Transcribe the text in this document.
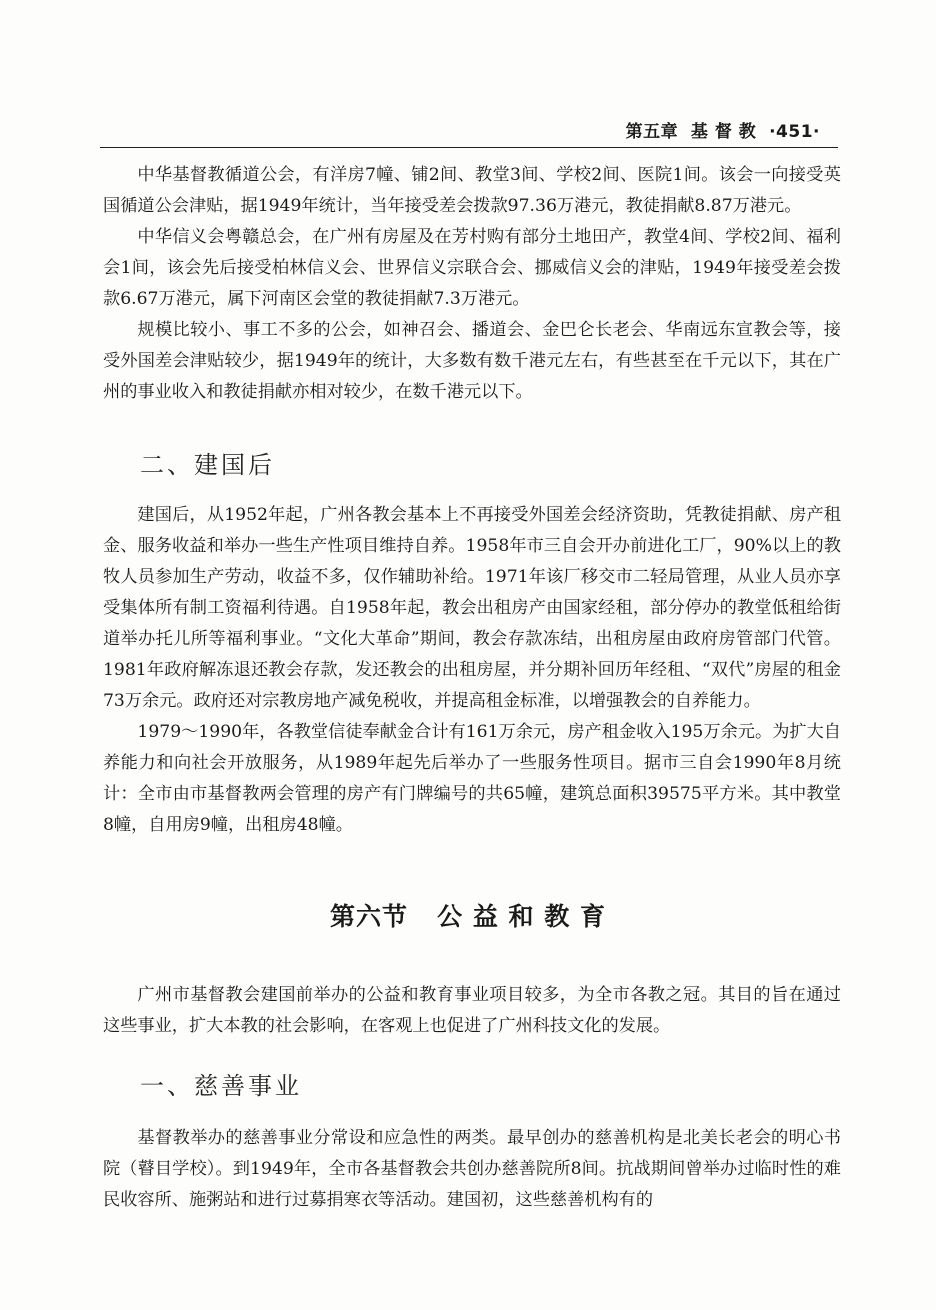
第五章  基 督 教  ·451·

中华基督教循道公会，有洋房7幢、铺2间、教堂3间、学校2间、医院1间。该会一向接受英国循道公会津贴，据1949年统计，当年接受差会拨款97.36万港元，教徒捐献8.87万港元。

中华信义会粤赣总会，在广州有房屋及在芳村购有部分土地田产，教堂4间、学校2间、福利会1间，该会先后接受柏林信义会、世界信义宗联合会、挪威信义会的津贴，1949年接受差会拨款6.67万港元，属下河南区会堂的教徒捐献7.3万港元。

规模比较小、事工不多的公会，如神召会、播道会、金巴仑长老会、华南远东宣教会等，接受外国差会津贴较少，据1949年的统计，大多数有数千港元左右，有些甚至在千元以下，其在广州的事业收入和教徒捐献亦相对较少，在数千港元以下。

二、建国后

建国后，从1952年起，广州各教会基本上不再接受外国差会经济资助，凭教徒捐献、房产租金、服务收益和举办一些生产性项目维持自养。1958年市三自会开办前进化工厂，90%以上的教牧人员参加生产劳动，收益不多，仅作辅助补给。1971年该厂移交市二轻局管理，从业人员亦享受集体所有制工资福利待遇。自1958年起，教会出租房产由国家经租，部分停办的教堂低租给街道举办托儿所等福利事业。“文化大革命”期间，教会存款冻结，出租房屋由政府房管部门代管。1981年政府解冻退还教会存款，发还教会的出租房屋，并分期补回历年经租、“双代”房屋的租金73万余元。政府还对宗教房地产减免税收，并提高租金标准，以增强教会的自养能力。

1979～1990年，各教堂信徒奉献金合计有161万余元，房产租金收入195万余元。为扩大自养能力和向社会开放服务，从1989年起先后举办了一些服务性项目。据市三自会1990年8月统计：全市由市基督教两会管理的房产有门牌编号的共65幢，建筑总面积39575平方米。其中教堂8幢，自用房9幢，出租房48幢。

第六节   公 益 和 教 育

广州市基督教会建国前举办的公益和教育事业项目较多，为全市各教之冠。其目的旨在通过这些事业，扩大本教的社会影响，在客观上也促进了广州科技文化的发展。

一、慈善事业

基督教举办的慈善事业分常设和应急性的两类。最早创办的慈善机构是北美长老会的明心书院（瞽目学校）。到1949年，全市各基督教会共创办慈善院所8间。抗战期间曾举办过临时性的难民收容所、施粥站和进行过募捐寒衣等活动。建国初，这些慈善机构有的
